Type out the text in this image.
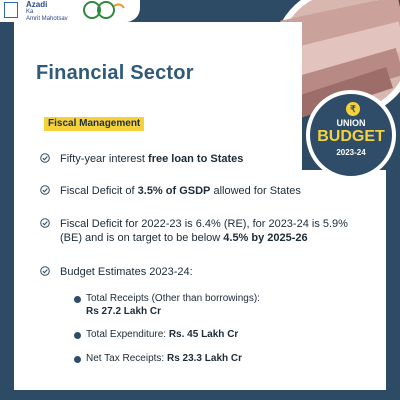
Azadi
Ka
Amrit Mahotsav
₹
UNION
BUDGET
2023-24
Financial Sector
Fiscal Management
Fifty-year interest free loan to States
Fiscal Deficit of 3.5% of GSDP allowed for States
Fiscal Deficit for 2022-23 is 6.4% (RE), for 2023-24 is 5.9% (BE) and is on target to be below 4.5% by 2025-26
Budget Estimates 2023-24:
Total Receipts (Other than borrowings):
Rs 27.2 Lakh Cr
Total Expenditure: Rs. 45 Lakh Cr
Net Tax Receipts: Rs 23.3 Lakh Cr
